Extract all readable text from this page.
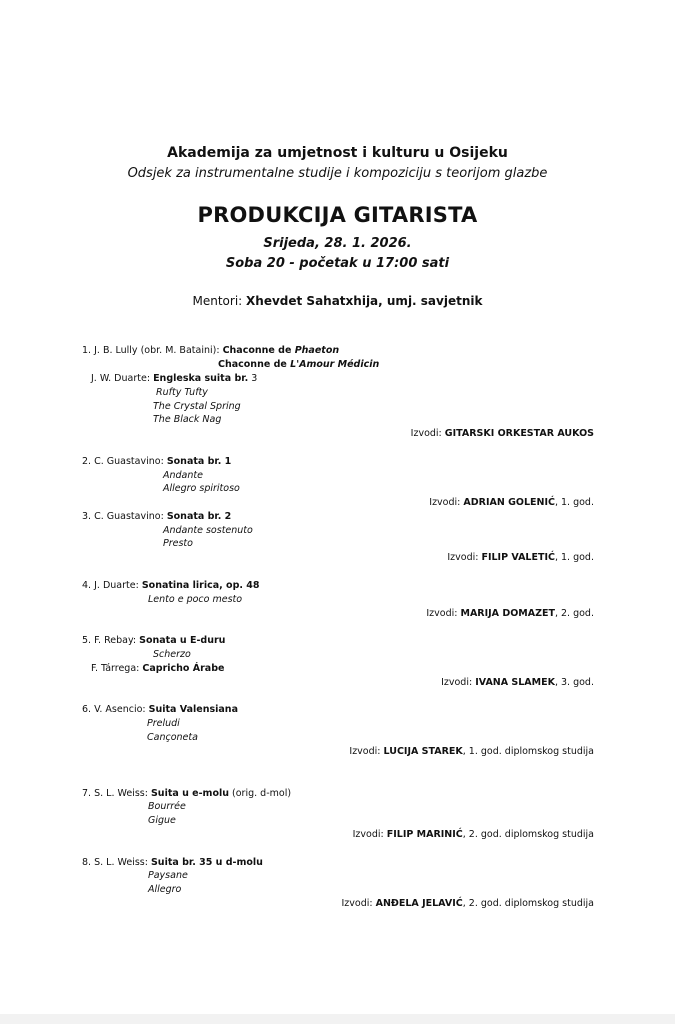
Akademija za umjetnost i kulturu u Osijeku
Odsjek za instrumentalne studije i kompoziciju s teorijom glazbe
PRODUKCIJA GITARISTA
Srijeda, 28. 1. 2026.
Soba 20 - početak u 17:00 sati
Mentori: Xhevdet Sahatxhija, umj. savjetnik
1. J. B. Lully (obr. M. Bataini): Chaconne de Phaeton
Chaconne de L'Amour Médicin
J. W. Duarte: Engleska suita br. 3
Rufty Tufty
The Crystal Spring
The Black Nag
Izvodi: GITARSKI ORKESTAR AUKOS
2. C. Guastavino: Sonata br. 1
Andante
Allegro spiritoso
Izvodi: ADRIAN GOLENIĆ, 1. god.
3. C. Guastavino: Sonata br. 2
Andante sostenuto
Presto
Izvodi: FILIP VALETIĆ, 1. god.
4. J. Duarte: Sonatina lirica, op. 48
Lento e poco mesto
Izvodi: MARIJA DOMAZET, 2. god.
5. F. Rebay: Sonata u E-duru
Scherzo
F. Tárrega: Capricho Árabe
Izvodi: IVANA SLAMEK, 3. god.
6. V. Asencio: Suita Valensiana
Preludi
Cançoneta
Izvodi: LUCIJA STAREK, 1. god. diplomskog studija
7. S. L. Weiss: Suita u e-molu (orig. d-mol)
Bourrée
Gigue
Izvodi: FILIP MARINIĆ, 2. god. diplomskog studija
8. S. L. Weiss: Suita br. 35 u d-molu
Paysane
Allegro
Izvodi: ANĐELA JELAVIĆ, 2. god. diplomskog studija
